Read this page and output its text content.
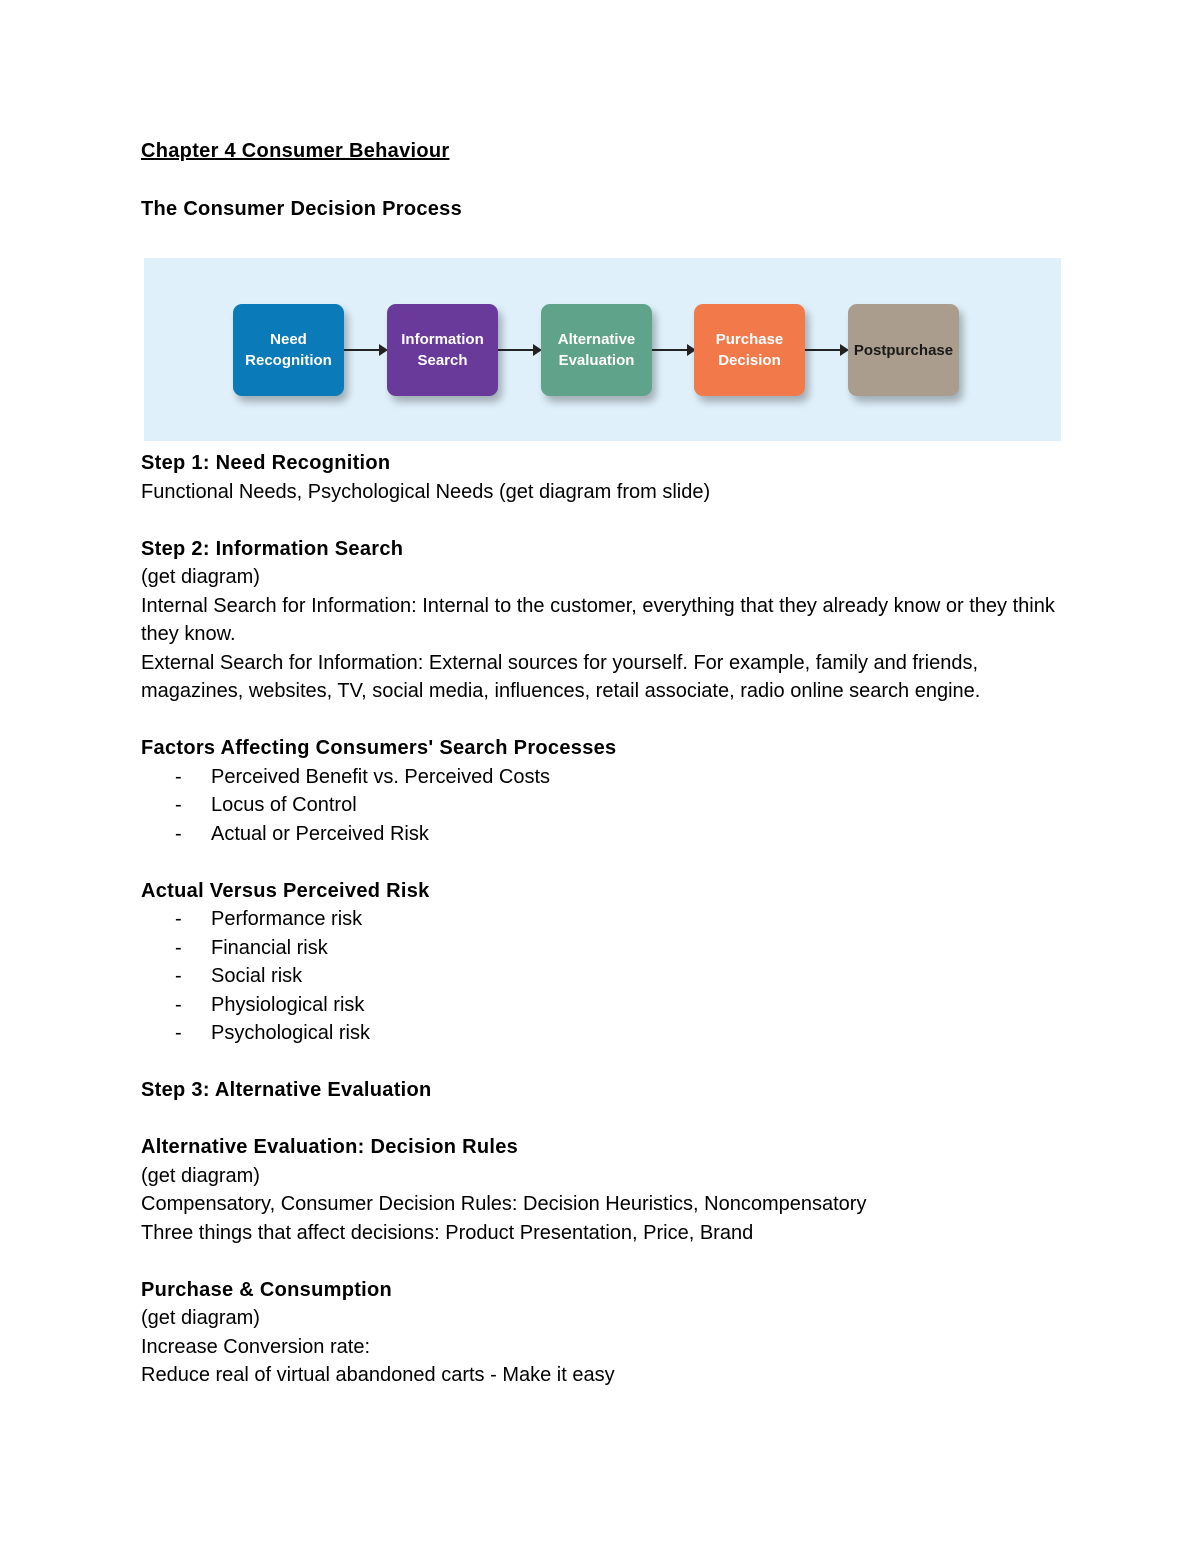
Chapter 4 Consumer Behaviour
The Consumer Decision Process
Need
Recognition
Information
Search
Alternative
Evaluation
Purchase
Decision
Postpurchase
Step 1: Need Recognition
Functional Needs, Psychological Needs (get diagram from slide)
Step 2: Information Search
(get diagram)
Internal Search for Information: Internal to the customer, everything that they already know or they think they know.
External Search for Information: External sources for yourself. For example, family and friends, magazines, websites, TV, social media, influences, retail associate, radio online search engine.
Factors Affecting Consumers' Search Processes
- Perceived Benefit vs. Perceived Costs
- Locus of Control
- Actual or Perceived Risk
Actual Versus Perceived Risk
- Performance risk
- Financial risk
- Social risk
- Physiological risk
- Psychological risk
Step 3: Alternative Evaluation
Alternative Evaluation: Decision Rules
(get diagram)
Compensatory, Consumer Decision Rules: Decision Heuristics, Noncompensatory
Three things that affect decisions: Product Presentation, Price, Brand
Purchase & Consumption
(get diagram)
Increase Conversion rate:
Reduce real of virtual abandoned carts - Make it easy
